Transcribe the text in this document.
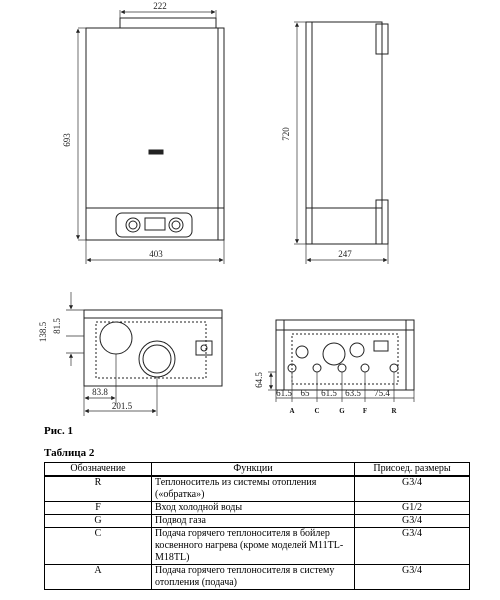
222
693
403
720
247
138.5 81.5
83.8
201.5
64.5
61.5 65 61.5 63.5 75.4
A	C	G	F	R
Рис. 1
Таблица 2
Обозначение	Функции	Присоед. размеры
R	Теплоноситель из системы отопления («обратка»)	G3/4
F	Вход холодной воды	G1/2
G	Подвод газа	G3/4
C	Подача горячего теплоносителя в бойлер косвенного нагрева (кроме моделей M11TL-M18TL)	G3/4
A	Подача горячего теплоносителя в систему отопления (подача)	G3/4
